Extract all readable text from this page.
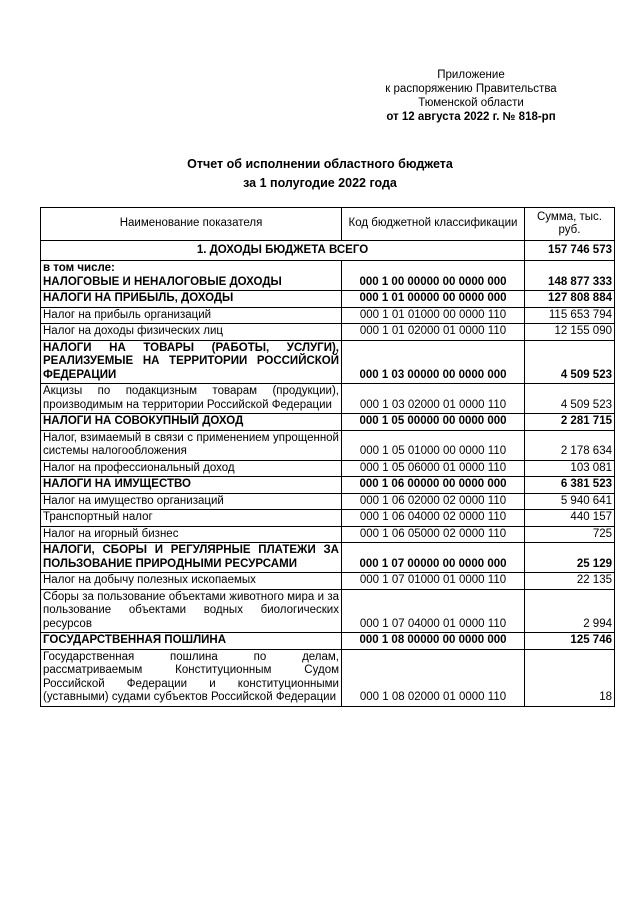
Приложение
к распоряжению Правительства
Тюменской области
от 12 августа 2022 г. № 818-рп
Отчет об исполнении областного бюджета
за 1 полугодие 2022 года
Наименование показателя	Код бюджетной классификации	Сумма, тыс. руб.
1. ДОХОДЫ БЮДЖЕТА ВСЕГО		157 746 573

в том числе:
НАЛОГОВЫЕ И НЕНАЛОГОВЫЕ ДОХОДЫ	000 1 00 00000 00 0000 000	148 877 333
НАЛОГИ НА ПРИБЫЛЬ, ДОХОДЫ	000 1 01 00000 00 0000 000	127 808 884
Налог на прибыль организаций	000 1 01 01000 00 0000 110	115 653 794
Налог на доходы физических лиц	000 1 01 02000 01 0000 110	12 155 090
НАЛОГИ НА ТОВАРЫ (РАБОТЫ, УСЛУГИ), РЕАЛИЗУЕМЫЕ НА ТЕРРИТОРИИ РОССИЙСКОЙ ФЕДЕРАЦИИ	000 1 03 00000 00 0000 000	4 509 523
Акцизы по подакцизным товарам (продукции), производимым на территории Российской Федерации	000 1 03 02000 01 0000 110	4 509 523
НАЛОГИ НА СОВОКУПНЫЙ ДОХОД	000 1 05 00000 00 0000 000	2 281 715
Налог, взимаемый в связи с применением упрощенной системы налогообложения	000 1 05 01000 00 0000 110	2 178 634
Налог на профессиональный доход	000 1 05 06000 01 0000 110	103 081
НАЛОГИ НА ИМУЩЕСТВО	000 1 06 00000 00 0000 000	6 381 523
Налог на имущество организаций	000 1 06 02000 02 0000 110	5 940 641
Транспортный налог	000 1 06 04000 02 0000 110	440 157
Налог на игорный бизнес	000 1 06 05000 02 0000 110	725
НАЛОГИ, СБОРЫ И РЕГУЛЯРНЫЕ ПЛАТЕЖИ ЗА ПОЛЬЗОВАНИЕ ПРИРОДНЫМИ РЕСУРСАМИ	000 1 07 00000 00 0000 000	25 129
Налог на добычу полезных ископаемых	000 1 07 01000 01 0000 110	22 135
Сборы за пользование объектами животного мира и за пользование объектами водных биологических ресурсов	000 1 07 04000 01 0000 110	2 994
ГОСУДАРСТВЕННАЯ ПОШЛИНА	000 1 08 00000 00 0000 000	125 746
Государственная пошлина по делам, рассматриваемым Конституционным Судом Российской Федерации и конституционными (уставными) судами субъектов Российской Федерации	000 1 08 02000 01 0000 110	18
